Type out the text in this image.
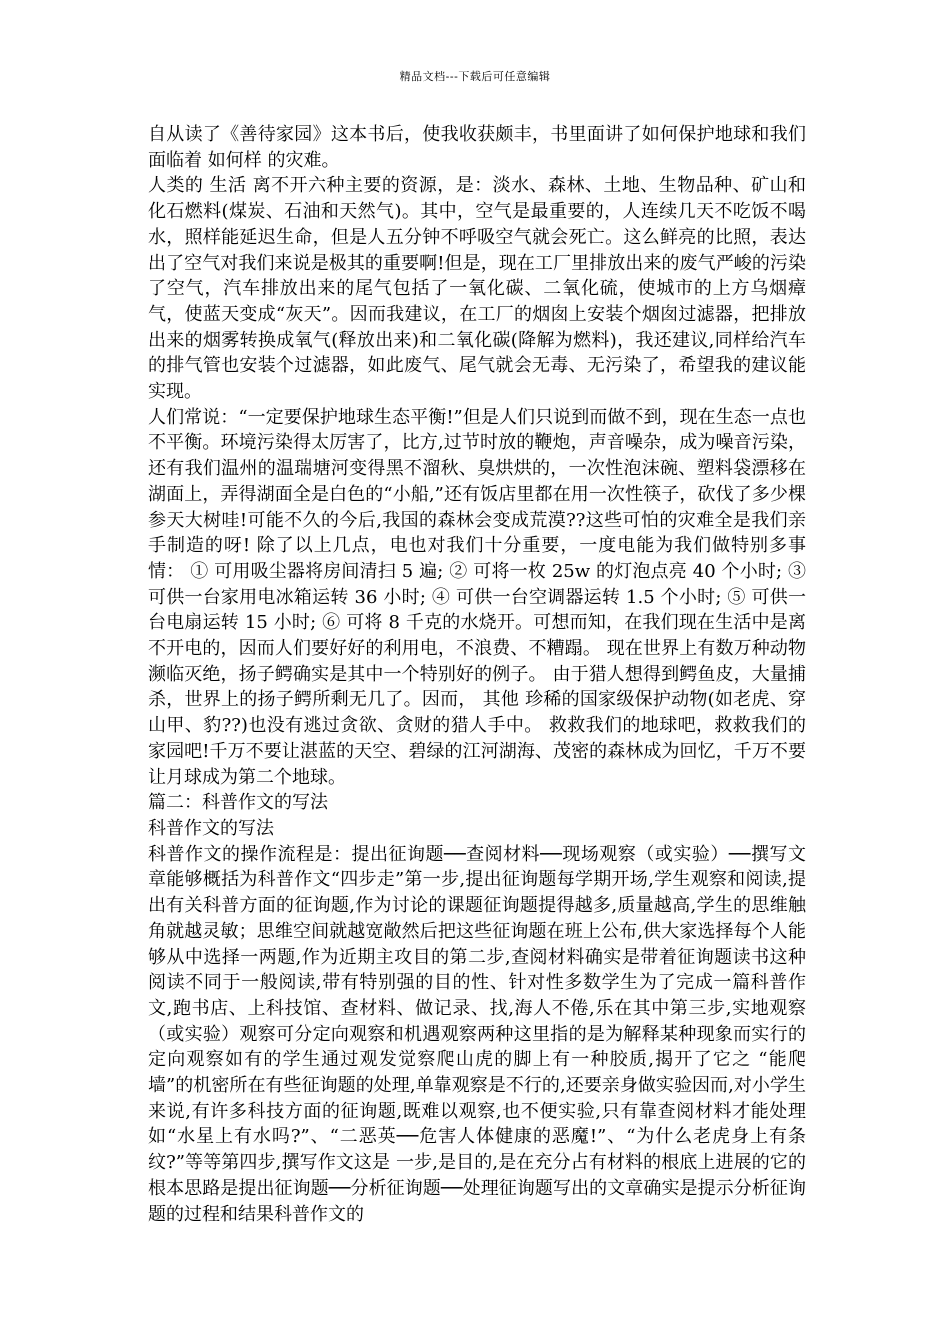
精品文档---下载后可任意编辑

自从读了《善待家园》这本书后，使我收获颇丰，书里面讲了如何保护地球和我们面临着 如何样 的灾难。

人类的 生活 离不开六种主要的资源，是：淡水、森林、土地、生物品种、矿山和化石燃料(煤炭、石油和天然气)。其中，空气是最重要的，人连续几天不吃饭不喝水，照样能延迟生命，但是人五分钟不呼吸空气就会死亡。这么鲜亮的比照，表达出了空气对我们来说是极其的重要啊!但是，现在工厂里排放出来的废气严峻的污染了空气，汽车排放出来的尾气包括了一氧化碳、二氧化硫，使城市的上方乌烟瘴气，使蓝天变成“灰天”。因而我建议，在工厂的烟囱上安装个烟囱过滤器，把排放出来的烟雾转换成氧气(释放出来)和二氧化碳(降解为燃料)，我还建议,同样给汽车的排气管也安装个过滤器，如此废气、尾气就会无毒、无污染了，希望我的建议能实现。

人们常说：“一定要保护地球生态平衡!”但是人们只说到而做不到，现在生态一点也不平衡。环境污染得太厉害了，比方,过节时放的鞭炮，声音噪杂，成为噪音污染，还有我们温州的温瑞塘河变得黑不溜秋、臭烘烘的，一次性泡沫碗、塑料袋漂移在湖面上，弄得湖面全是白色的“小船,”还有饭店里都在用一次性筷子，砍伐了多少棵参天大树哇!可能不久的今后,我国的森林会变成荒漠??这些可怕的灾难全是我们亲手制造的呀! 除了以上几点，电也对我们十分重要，一度电能为我们做特别多事情： ① 可用吸尘器将房间清扫 5 遍; ② 可将一枚 25w 的灯泡点亮 40 个小时; ③ 可供一台家用电冰箱运转 36 小时; ④ 可供一台空调器运转 1.5 个小时; ⑤ 可供一台电扇运转 15 小时; ⑥ 可将 8 千克的水烧开。可想而知，在我们现在生活中是离不开电的，因而人们要好好的利用电，不浪费、不糟蹋。 现在世界上有数万种动物濒临灭绝，扬子鳄确实是其中一个特别好的例子。 由于猎人想得到鳄鱼皮，大量捕杀，世界上的扬子鳄所剩无几了。因而， 其他 珍稀的国家级保护动物(如老虎、穿山甲、豹??)也没有逃过贪欲、贪财的猎人手中。 救救我们的地球吧，救救我们的家园吧!千万不要让湛蓝的天空、碧绿的江河湖海、茂密的森林成为回忆，千万不要让月球成为第二个地球。

篇二：科普作文的写法

科普作文的写法

科普作文的操作流程是：提出征询题──查阅材料──现场观察（或实验）──撰写文章能够概括为科普作文“四步走”第一步,提出征询题每学期开场,学生观察和阅读,提出有关科普方面的征询题,作为讨论的课题征询题提得越多,质量越高,学生的思维触角就越灵敏；思维空间就越宽敞然后把这些征询题在班上公布,供大家选择每个人能够从中选择一两题,作为近期主攻目的第二步,查阅材料确实是带着征询题读书这种阅读不同于一般阅读,带有特别强的目的性、针对性多数学生为了完成一篇科普作文,跑书店、上科技馆、查材料、做记录、找,海人不倦,乐在其中第三步,实地观察（或实验）观察可分定向观察和机遇观察两种这里指的是为解释某种现象而实行的定向观察如有的学生通过观发觉察爬山虎的脚上有一种胶质,揭开了它之 “能爬墙”的机密所在有些征询题的处理,单靠观察是不行的,还要亲身做实验因而,对小学生来说,有许多科技方面的征询题,既难以观察,也不便实验,只有靠查阅材料才能处理如“水星上有水吗?”、“二恶英──危害人体健康的恶魔!”、“为什么老虎身上有条纹?”等等第四步,撰写作文这是 一步,是目的,是在充分占有材料的根底上进展的它的根本思路是提出征询题──分析征询题──处理征询题写出的文章确实是提示分析征询题的过程和结果科普作文的
